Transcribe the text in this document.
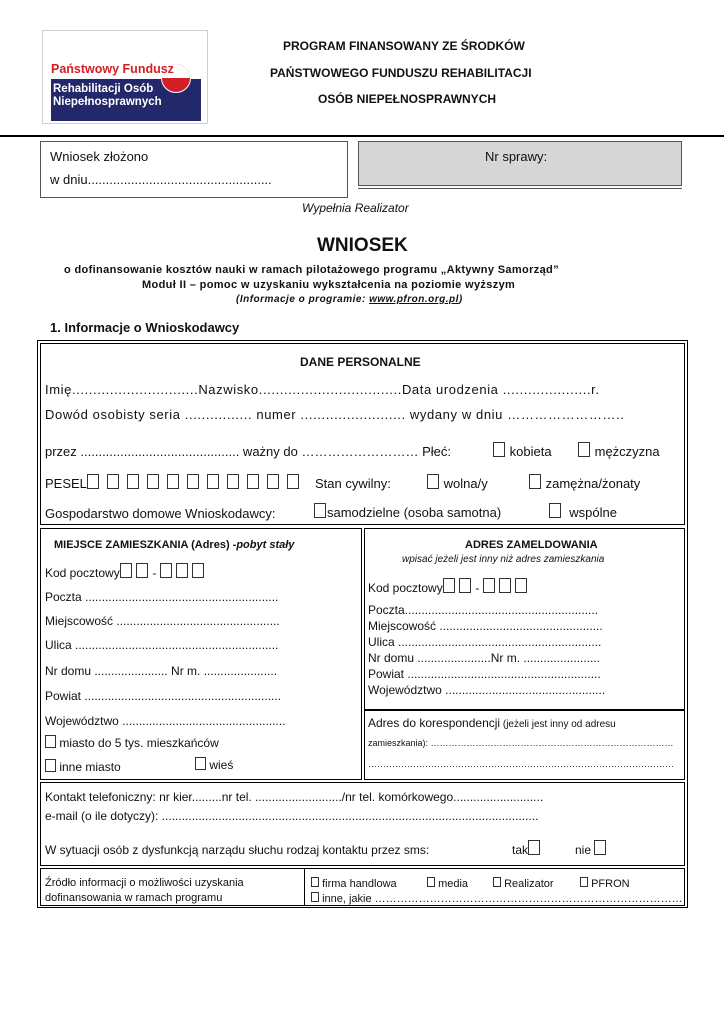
Państwowy Fundusz
Rehabilitacji Osób
Niepełnosprawnych
PROGRAM FINANSOWANY ZE ŚRODKÓW
PAŃSTWOWEGO FUNDUSZU REHABILITACJI
OSÓB NIEPEŁNOSPRAWNYCH
Wniosek złożono
w dniu...................................................
Nr sprawy:
Wypełnia Realizator
WNIOSEK
o dofinansowanie kosztów nauki w ramach pilotażowego programu „Aktywny Samorząd”
Moduł II – pomoc w uzyskaniu wykształcenia na poziomie wyższym
(Informacje o programie: www.pfron.org.pl)
1. Informacje o Wnioskodawcy
DANE PERSONALNE
Imię..............................Nazwisko..................................Data urodzenia .....................r.
Dowód osobisty seria ................ numer ......................... wydany w dniu ……………………..
przez ............................................ ważny do ……………………… Płeć:	kobieta	mężczyzna
PESEL	Stan cywilny:	wolna/y	zamężna/żonaty
Gospodarstwo domowe Wnioskodawcy:	samodzielne (osoba samotna)	wspólne
MIEJSCE ZAMIESZKANIA (Adres) -pobyt stały
Kod pocztowy  -
Poczta ..........................................................
Miejscowość .................................................
Ulica .............................................................
Nr domu ...................... Nr m. ......................
Powiat ...........................................................
Województwo .................................................
miasto do 5 tys. mieszkańców
inne miasto	wieś
ADRES ZAMELDOWANIA
wpisać jeżeli jest inny niż adres zamieszkania
Kod pocztowy  -
Poczta..........................................................
Miejscowość .................................................
Ulica .............................................................
Nr domu ......................Nr m. .......................
Powiat ..........................................................
Województwo ................................................
Adres do korespondencji (jeżeli jest inny od adresu
zamieszkania): ………………………………………………………………………
…………………………………………………………………………………………
Kontakt telefoniczny: nr kier.........nr tel. ........................../nr tel. komórkowego...........................
e-mail (o ile dotyczy): .................................................................................................................
W sytuacji osób z dysfunkcją narządu słuchu rodzaj kontaktu przez sms:	tak	nie
Źródło informacji o możliwości uzyskania
dofinansowania w ramach programu
firma handlowa	media	Realizator	PFRON
inne, jakie …………………………………………………………………………
